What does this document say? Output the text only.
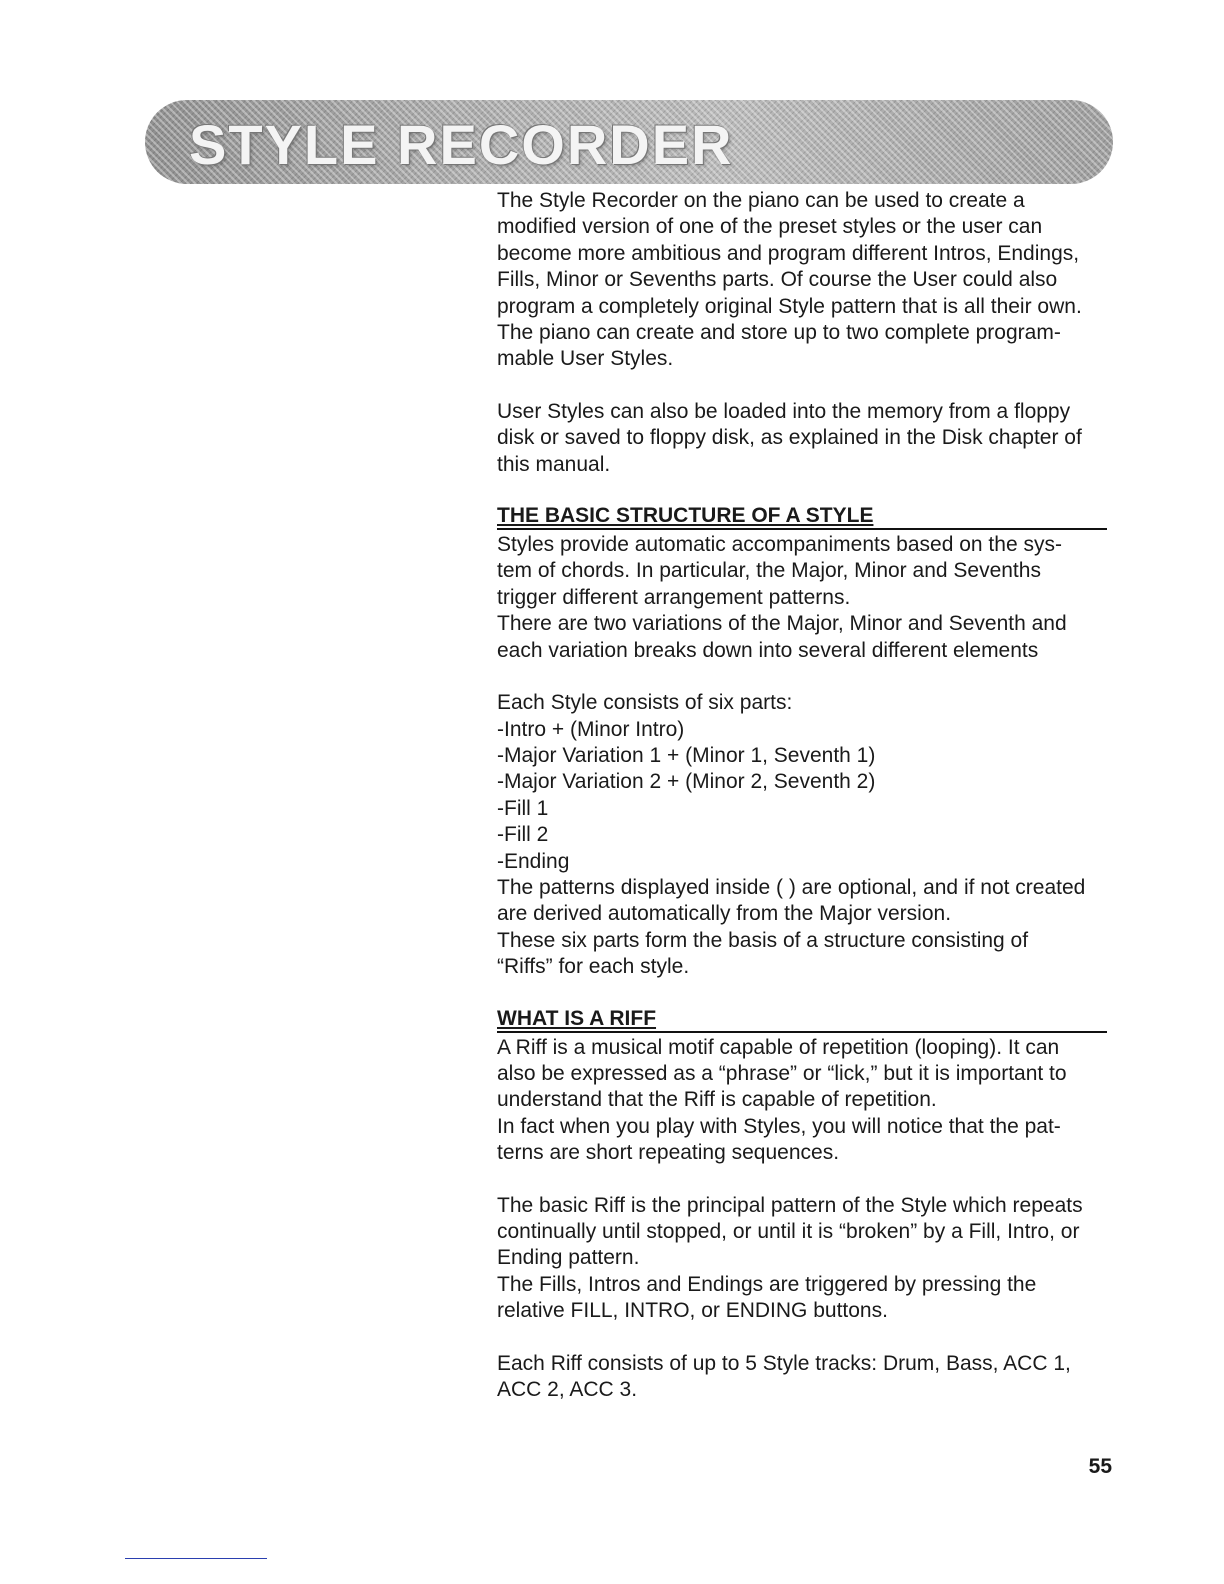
STYLE RECORDER

The Style Recorder on the piano can be used to create a

modified version of one of the preset styles or the user can

become more ambitious and program different Intros, Endings,

Fills, Minor or Sevenths parts. Of course the User could also

program a completely original Style pattern that is all their own.

The piano can create and store up to two complete program-

mable User Styles.

User Styles can also be loaded into the memory from a floppy

disk or saved to floppy disk, as explained in the Disk chapter of

this manual.

THE BASIC STRUCTURE OF A STYLE

Styles provide automatic accompaniments based on the sys-

tem of chords. In particular, the Major, Minor and Sevenths

trigger different arrangement patterns.

There are two variations of the Major, Minor and Seventh and

each variation breaks down into several different elements

Each Style consists of six parts:

-Intro + (Minor Intro)

-Major Variation 1 + (Minor 1, Seventh 1)

-Major Variation 2 + (Minor 2, Seventh 2)

-Fill 1

-Fill 2

-Ending

The patterns displayed inside ( ) are optional, and if not created

are derived automatically from the Major version.

These six parts form the basis of a structure consisting of

“Riffs” for each style.

WHAT IS A RIFF

A Riff is a musical motif capable of repetition (looping). It can

also be expressed as a “phrase” or “lick,” but it is important to

understand that the Riff is capable of repetition.

In fact when you play with Styles, you will notice that the pat-

terns are short repeating sequences.

The basic Riff is the principal pattern of the Style which repeats

continually until stopped, or until it is “broken” by a Fill, Intro, or

Ending pattern.

The Fills, Intros and Endings are triggered by pressing the

relative FILL, INTRO, or ENDING buttons.

Each Riff consists of up to 5 Style tracks: Drum, Bass, ACC 1,

ACC 2, ACC 3.

55
